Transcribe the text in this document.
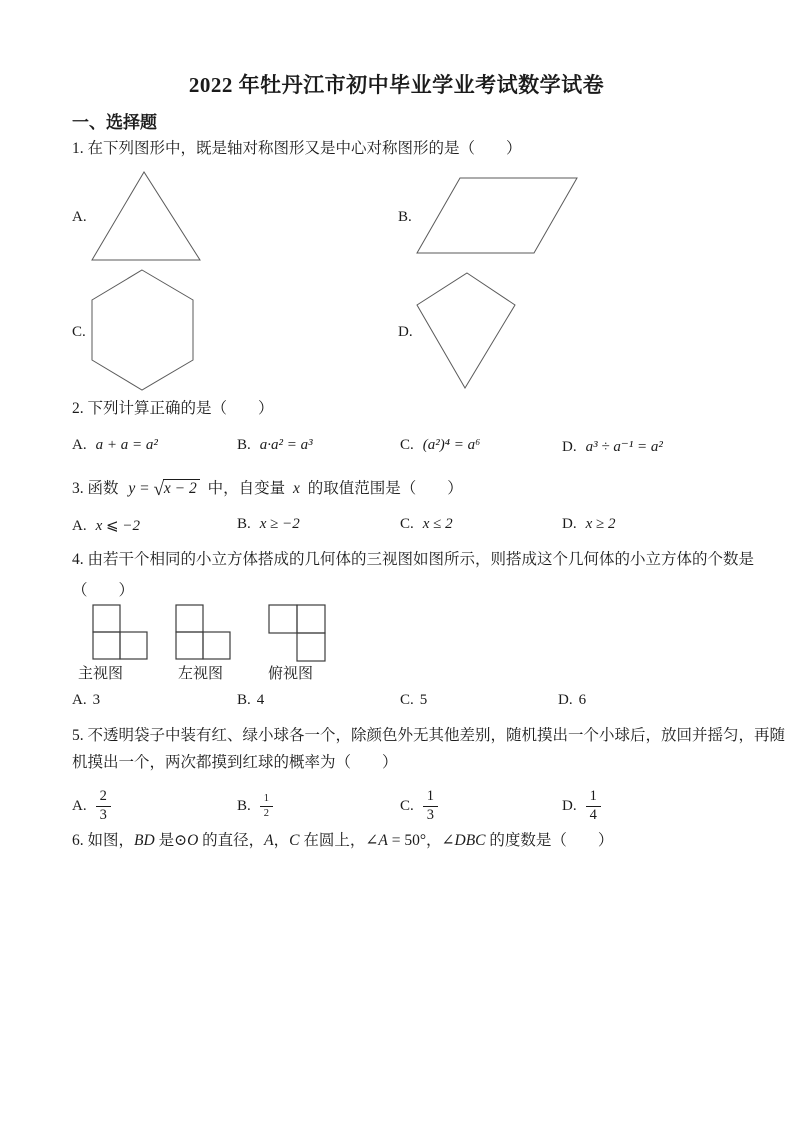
2022 年牡丹江市初中毕业学业考试数学试卷
一、选择题
1. 在下列图形中，既是轴对称图形又是中心对称图形的是（　　）
A.	B.
C.	D.
2. 下列计算正确的是（　　）
A. a + a = a²	B. a·a² = a³	C. (a²)⁴ = a⁶	D. a³ ÷ a⁻¹ = a²
3. 函数 y = √x − 2 中，自变量 x 的取值范围是（　　）
A. x ⩽ −2	B. x ≥ −2	C. x ≤ 2	D. x ≥ 2
4. 由若干个相同的小立方体搭成的几何体的三视图如图所示，则搭成这个几何体的小立方体的个数是
（　　）
主视图	左视图	俯视图
A. 3	B. 4	C. 5	D. 6
5. 不透明袋子中装有红、绿小球各一个，除颜色外无其他差别，随机摸出一个小球后，放回并摇匀，再随
机摸出一个，两次都摸到红球的概率为（　　）
A. $\frac{2}{3}$	B. $\frac{1}{2}$	C. $\frac{1}{3}$	D. $\frac{1}{4}$
6. 如图，BD 是⊙O 的直径，A，C 在圆上，∠A = 50°，∠DBC 的度数是（　　）
